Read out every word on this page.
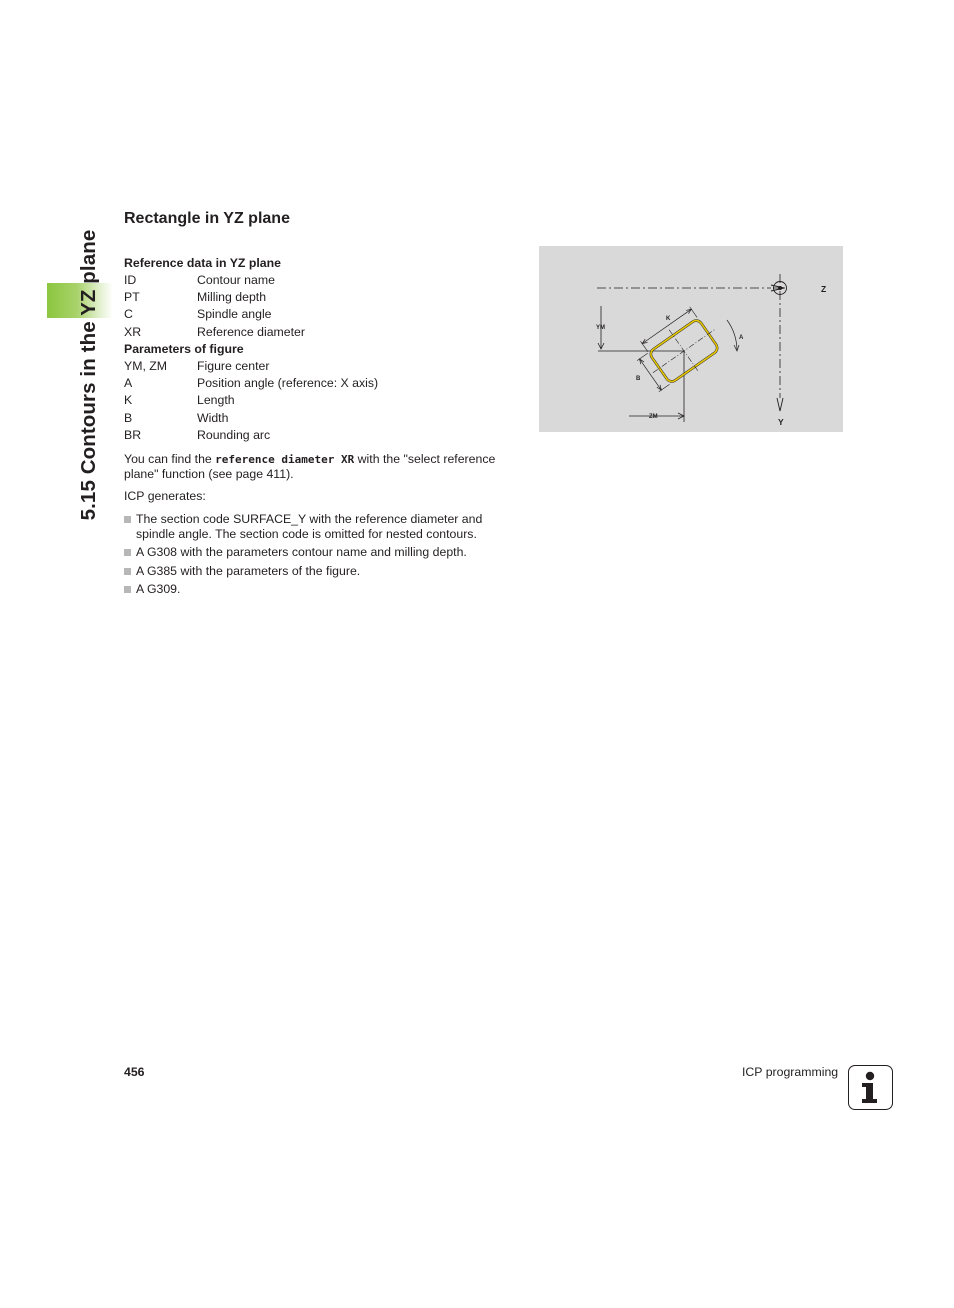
5.15 Contours in the YZ plane
Rectangle in YZ plane
Reference data in YZ plane
ID	Contour name
PT	Milling depth
C	Spindle angle
XR	Reference diameter
Parameters of figure
YM, ZM Figure center
A	Position angle (reference: X axis)
K	Length
B	Width
BR	Rounding arc
You can find the reference diameter XR with the "select reference
plane" function (see page 411).
ICP generates:
The section code SURFACE_Y with the reference diameter and
spindle angle. The section code is omitted for nested contours.
A G308 with the parameters contour name and milling depth.
A G385 with the parameters of the figure.
A G309.
Z
Y
YM
ZM
K
A
B
456	ICP programming
